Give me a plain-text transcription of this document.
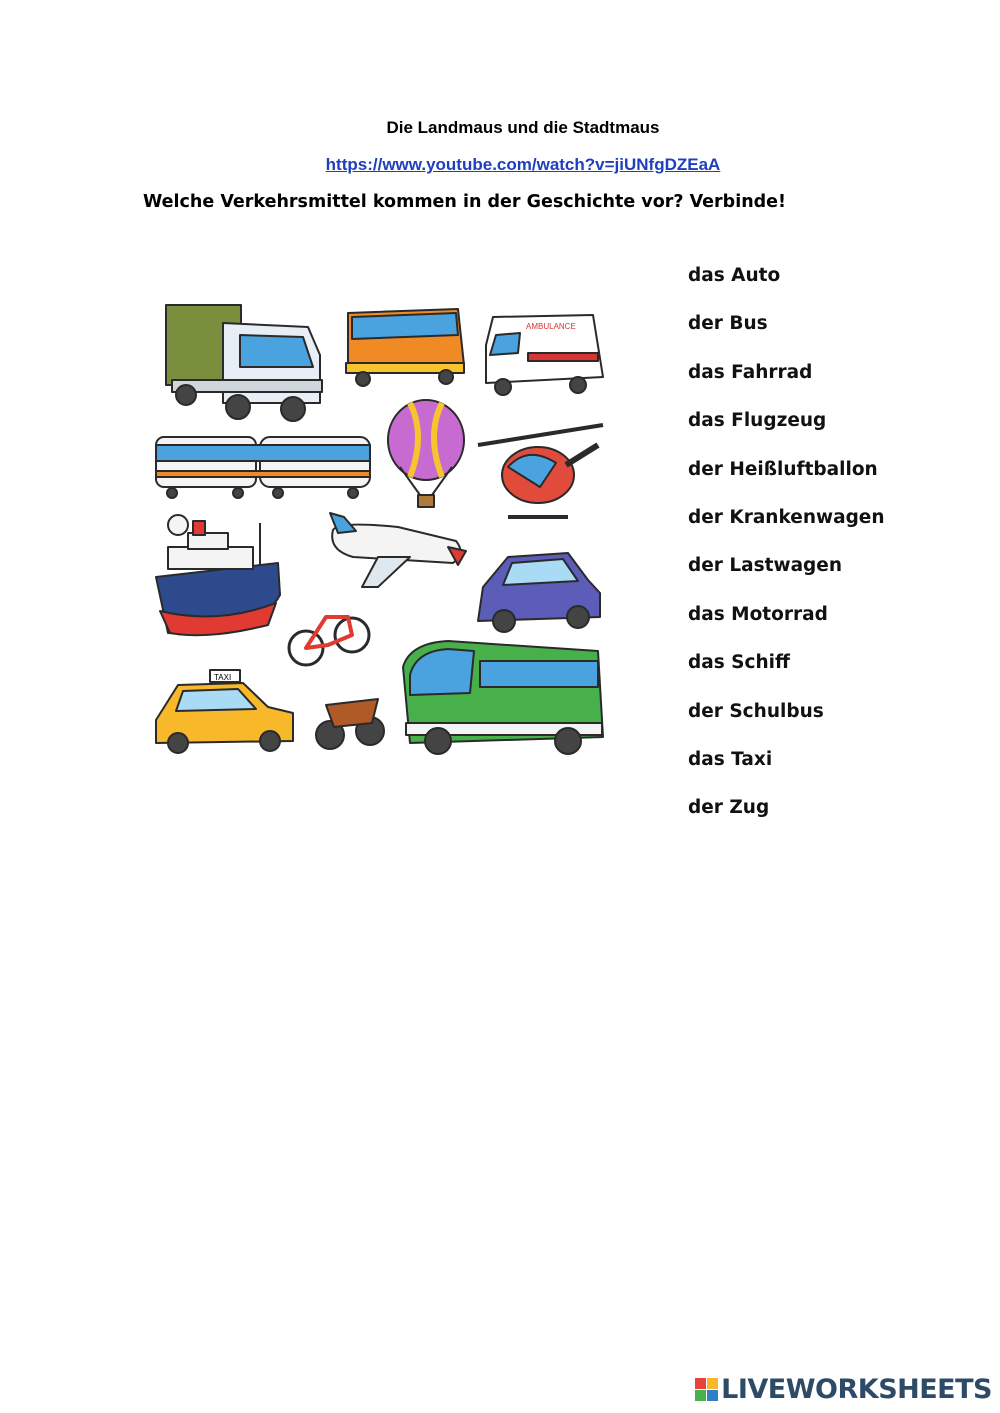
Die Landmaus und die Stadtmaus
https://www.youtube.com/watch?v=jiUNfgDZEaA
Welche Verkehrsmittel kommen in der Geschichte vor? Verbinde!
AMBULANCE
TAXI
das Auto
der Bus
das Fahrrad
das Flugzeug
der Heißluftballon
der Krankenwagen
der Lastwagen
das Motorrad
das Schiff
der Schulbus
das Taxi
der Zug
LIVEWORKSHEETS
